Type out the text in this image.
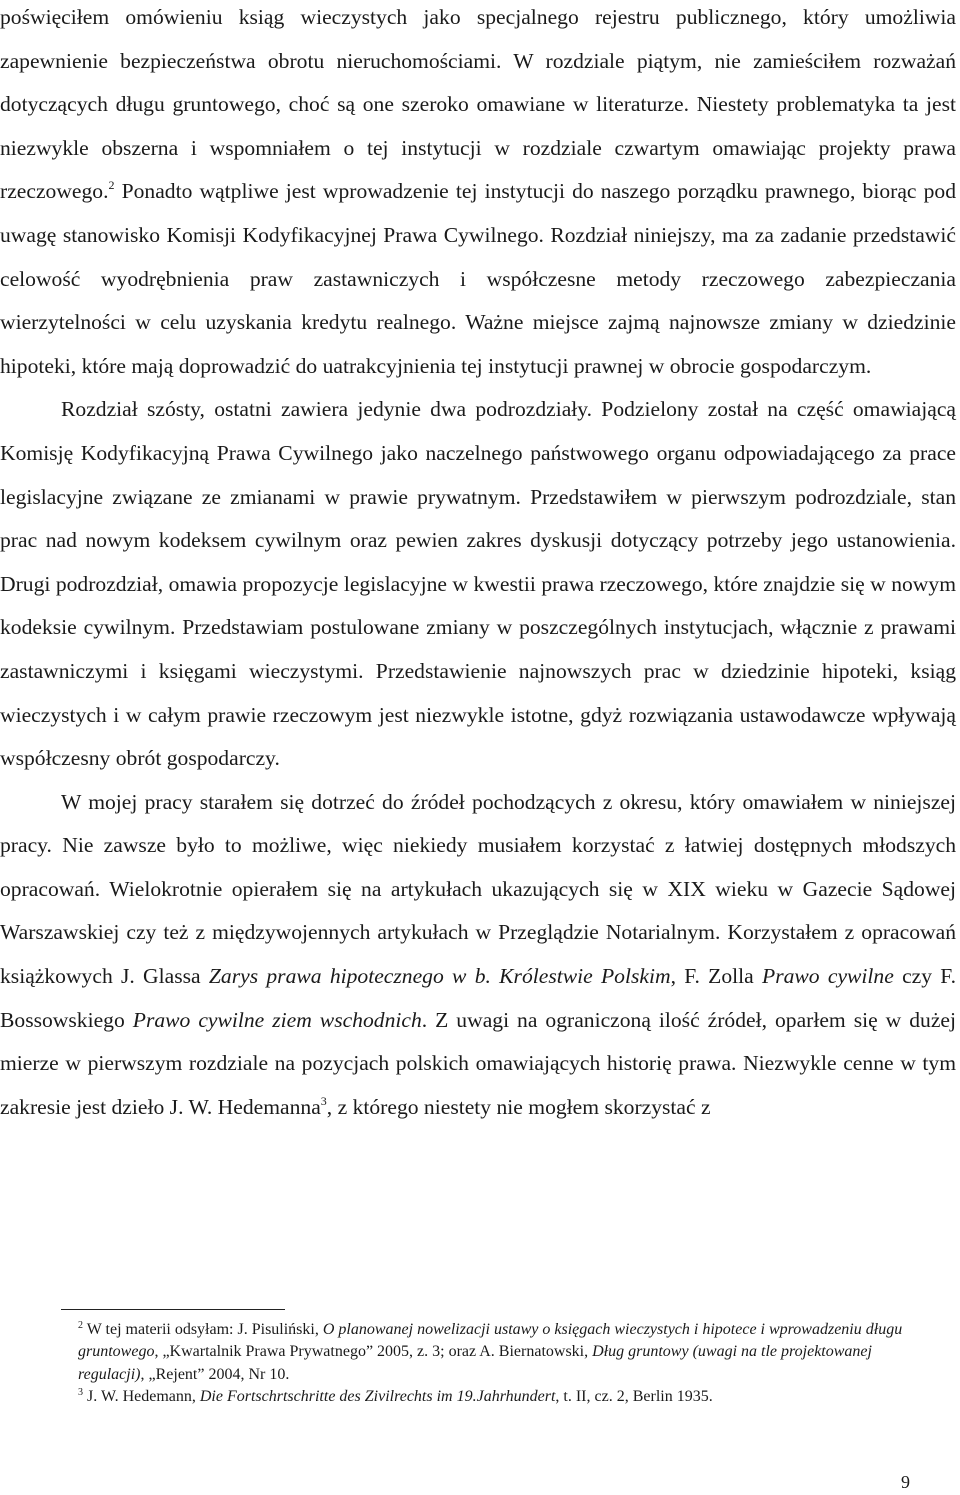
poświęciłem omówieniu ksiąg wieczystych jako specjalnego rejestru publicznego, który umożliwia zapewnienie bezpieczeństwa obrotu nieruchomościami. W rozdziale piątym, nie zamieściłem rozważań dotyczących długu gruntowego, choć są one szeroko omawiane w literaturze. Niestety problematyka ta jest niezwykle obszerna i wspomniałem o tej instytucji w rozdziale czwartym omawiając projekty prawa rzeczowego.$^2$ Ponadto wątpliwe jest wprowadzenie tej instytucji do naszego porządku prawnego, biorąc pod uwagę stanowisko Komisji Kodyfikacyjnej Prawa Cywilnego. Rozdział niniejszy, ma za zadanie przedstawić celowość wyodrębnienia praw zastawniczych i współczesne metody rzeczowego zabezpieczania wierzytelności w celu uzyskania kredytu realnego. Ważne miejsce zajmą najnowsze zmiany w dziedzinie hipoteki, które mają doprowadzić do uatrakcyjnienia tej instytucji prawnej w obrocie gospodarczym.

Rozdział szósty, ostatni zawiera jedynie dwa podrozdziały. Podzielony został na część omawiającą Komisję Kodyfikacyjną Prawa Cywilnego jako naczelnego państwowego organu odpowiadającego za prace legislacyjne związane ze zmianami w prawie prywatnym. Przedstawiłem w pierwszym podrozdziale, stan prac nad nowym kodeksem cywilnym oraz pewien zakres dyskusji dotyczący potrzeby jego ustanowienia. Drugi podrozdział, omawia propozycje legislacyjne w kwestii prawa rzeczowego, które znajdzie się w nowym kodeksie cywilnym. Przedstawiam postulowane zmiany w poszczególnych instytucjach, włącznie z prawami zastawniczymi i księgami wieczystymi. Przedstawienie najnowszych prac w dziedzinie hipoteki, ksiąg wieczystych i w całym prawie rzeczowym jest niezwykle istotne, gdyż rozwiązania ustawodawcze wpływają współczesny obrót gospodarczy.

W mojej pracy starałem się dotrzeć do źródeł pochodzących z okresu, który omawiałem w niniejszej pracy. Nie zawsze było to możliwe, więc niekiedy musiałem korzystać z łatwiej dostępnych młodszych opracowań. Wielokrotnie opierałem się na artykułach ukazujących się w XIX wieku w Gazecie Sądowej Warszawskiej czy też z międzywojennych artykułach w Przeglądzie Notarialnym. Korzystałem z opracowań książkowych J. Glassa Zarys prawa hipotecznego w b. Królestwie Polskim, F. Zolla Prawo cywilne czy F. Bossowskiego Prawo cywilne ziem wschodnich. Z uwagi na ograniczoną ilość źródeł, oparłem się w dużej mierze w pierwszym rozdziale na pozycjach polskich omawiających historię prawa. Niezwykle cenne w tym zakresie jest dzieło J. W. Hedemanna$^3$, z którego niestety nie mogłem skorzystać z

$^2$ W tej materii odsyłam: J. Pisuliński, O planowanej nowelizacji ustawy o księgach wieczystych i hipotece i wprowadzeniu długu gruntowego, „Kwartalnik Prawa Prywatnego” 2005, z. 3; oraz A. Biernatowski, Dług gruntowy (uwagi na tle projektowanej regulacji), „Rejent” 2004, Nr 10.

$^3$ J. W. Hedemann, Die Fortschrtschritte des Zivilrechts im 19.Jahrhundert, t. II, cz. 2, Berlin 1935.

9
